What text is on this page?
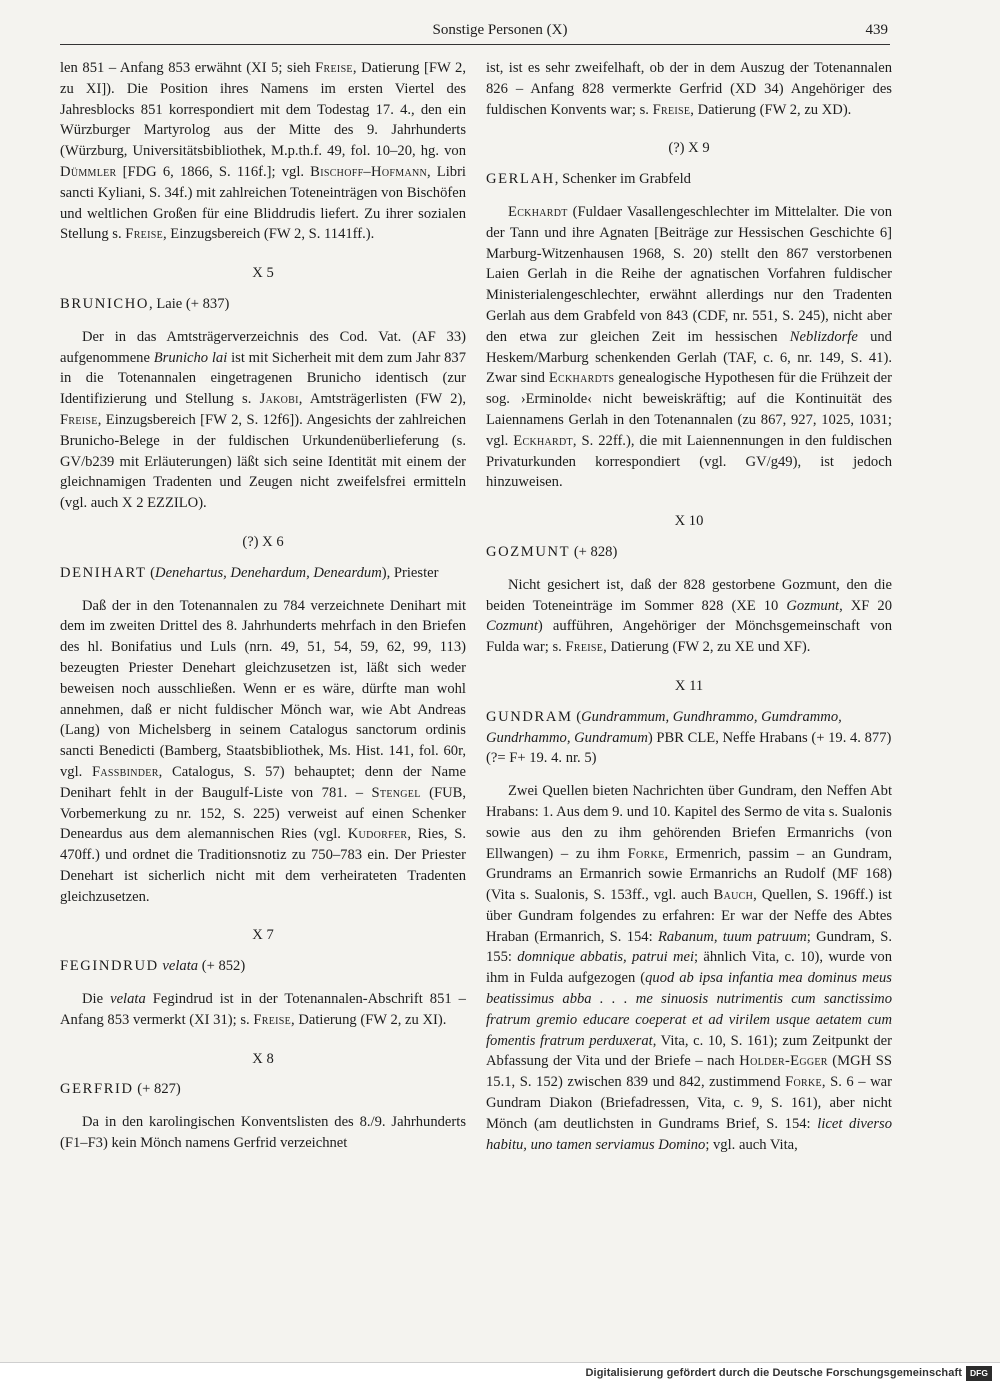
Sonstige Personen (X)	439

len 851 – Anfang 853 erwähnt (XI 5; sieh Freise, Datierung [FW 2, zu XI]). Die Position ihres Namens im ersten Viertel des Jahresblocks 851 korrespondiert mit dem Todestag 17. 4., den ein Würzburger Martyrolog aus der Mitte des 9. Jahrhunderts (Würzburg, Universitätsbibliothek, M.p.th.f. 49, fol. 10–20, hg. von Dümmler [FDG 6, 1866, S. 116f.]; vgl. Bischoff–Hofmann, Libri sancti Kyliani, S. 34f.) mit zahlreichen Toteneinträgen von Bischöfen und weltlichen Großen für eine Bliddrudis liefert. Zu ihrer sozialen Stellung s. Freise, Einzugsbereich (FW 2, S. 1141ff.).

X 5
BRUNICHO, Laie (+ 837)

Der in das Amtsträgerverzeichnis des Cod. Vat. (AF 33) aufgenommene Brunicho lai ist mit Sicherheit mit dem zum Jahr 837 in die Totenannalen eingetragenen Brunicho identisch (zur Identifizierung und Stellung s. Jakobi, Amtsträgerlisten (FW 2), Freise, Einzugsbereich [FW 2, S. 12f6]). Angesichts der zahlreichen Brunicho-Belege in der fuldischen Urkundenüberlieferung (s. GV/b239 mit Erläuterungen) läßt sich seine Identität mit einem der gleichnamigen Tradenten und Zeugen nicht zweifelsfrei ermitteln (vgl. auch X 2 EZZILO).

(?) X 6
DENIHART (Denehartus, Denehardum, Deneardum), Priester

Daß der in den Totenannalen zu 784 verzeichnete Denihart mit dem im zweiten Drittel des 8. Jahrhunderts mehrfach in den Briefen des hl. Bonifatius und Luls (nrn. 49, 51, 54, 59, 62, 99, 113) bezeugten Priester Denehart gleichzusetzen ist, läßt sich weder beweisen noch ausschließen. Wenn er es wäre, dürfte man wohl annehmen, daß er nicht fuldischer Mönch war, wie Abt Andreas (Lang) von Michelsberg in seinem Catalogus sanctorum ordinis sancti Benedicti (Bamberg, Staatsbibliothek, Ms. Hist. 141, fol. 60r, vgl. Fassbinder, Catalogus, S. 57) behauptet; denn der Name Denihart fehlt in der Baugulf-Liste von 781. – Stengel (FUB, Vorbemerkung zu nr. 152, S. 225) verweist auf einen Schenker Deneardus aus dem alemannischen Ries (vgl. Kudorfer, Ries, S. 470ff.) und ordnet die Traditionsnotiz zu 750–783 ein. Der Priester Denehart ist sicherlich nicht mit dem verheirateten Tradenten gleichzusetzen.

X 7
FEGINDRUD velata (+ 852)

Die velata Fegindrud ist in der Totenannalen-Abschrift 851 – Anfang 853 vermerkt (XI 31); s. Freise, Datierung (FW 2, zu XI).

X 8
GERFRID (+ 827)

Da in den karolingischen Konventslisten des 8./9. Jahrhunderts (F1–F3) kein Mönch namens Gerfrid verzeichnet

ist, ist es sehr zweifelhaft, ob der in dem Auszug der Totenannalen 826 – Anfang 828 vermerkte Gerfrid (XD 34) Angehöriger des fuldischen Konvents war; s. Freise, Datierung (FW 2, zu XD).

(?) X 9
GERLAH, Schenker im Grabfeld

Eckhardt (Fuldaer Vasallengeschlechter im Mittelalter. Die von der Tann und ihre Agnaten [Beiträge zur Hessischen Geschichte 6] Marburg-Witzenhausen 1968, S. 20) stellt den 867 verstorbenen Laien Gerlah in die Reihe der agnatischen Vorfahren fuldischer Ministerialengeschlechter, erwähnt allerdings nur den Tradenten Gerlah aus dem Grabfeld von 843 (CDF, nr. 551, S. 245), nicht aber den etwa zur gleichen Zeit im hessischen Neblizdorfe und Heskem/Marburg schenkenden Gerlah (TAF, c. 6, nr. 149, S. 41). Zwar sind Eckhardts genealogische Hypothesen für die Frühzeit der sog. ›Erminolde‹ nicht beweiskräftig; auf die Kontinuität des Laiennamens Gerlah in den Totenannalen (zu 867, 927, 1025, 1031; vgl. Eckhardt, S. 22ff.), die mit Laiennennungen in den fuldischen Privaturkunden korrespondiert (vgl. GV/g49), ist jedoch hinzuweisen.

X 10
GOZMUNT (+ 828)

Nicht gesichert ist, daß der 828 gestorbene Gozmunt, den die beiden Toteneinträge im Sommer 828 (XE 10 Gozmunt, XF 20 Cozmunt) aufführen, Angehöriger der Mönchsgemeinschaft von Fulda war; s. Freise, Datierung (FW 2, zu XE und XF).

X 11
GUNDRAM (Gundrammum, Gundhrammo, Gumdrammo, Gundrhammo, Gundramum) PBR CLE, Neffe Hrabans (+ 19. 4. 877) (?= F+ 19. 4. nr. 5)

Zwei Quellen bieten Nachrichten über Gundram, den Neffen Abt Hrabans: 1. Aus dem 9. und 10. Kapitel des Sermo de vita s. Sualonis sowie aus den zu ihm gehörenden Briefen Ermanrichs (von Ellwangen) – zu ihm Forke, Ermenrich, passim – an Gundram, Grundrams an Ermanrich sowie Ermanrichs an Rudolf (MF 168) (Vita s. Sualonis, S. 153ff., vgl. auch Bauch, Quellen, S. 196ff.) ist über Gundram folgendes zu erfahren: Er war der Neffe des Abtes Hraban (Ermanrich, S. 154: Rabanum, tuum patruum; Gundram, S. 155: domnique abbatis, patrui mei; ähnlich Vita, c. 10), wurde von ihm in Fulda aufgezogen (quod ab ipsa infantia mea dominus meus beatissimus abba . . . me sinuosis nutrimentis cum sanctissimo fratrum gremio educare coeperat et ad virilem usque aetatem cum fomentis fratrum perduxerat, Vita, c. 10, S. 161); zum Zeitpunkt der Abfassung der Vita und der Briefe – nach Holder-Egger (MGH SS 15.1, S. 152) zwischen 839 und 842, zustimmend Forke, S. 6 – war Gundram Diakon (Briefadressen, Vita, c. 9, S. 161), aber nicht Mönch (am deutlichsten in Gundrams Brief, S. 154: licet diverso habitu, uno tamen serviamus Domino; vgl. auch Vita,

Digitalisierung gefördert durch die Deutsche Forschungsgemeinschaft DFG
